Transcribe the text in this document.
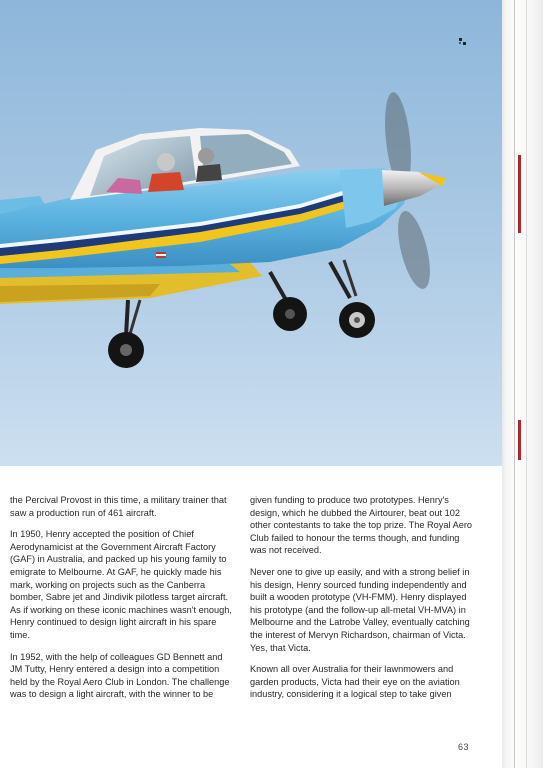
the Percival Provost in this time, a military trainer that saw a production run of 461 aircraft.

In 1950, Henry accepted the position of Chief Aerodynamicist at the Government Aircraft Factory (GAF) in Australia, and packed up his young family to emigrate to Melbourne. At GAF, he quickly made his mark, working on projects such as the Canberra bomber, Sabre jet and Jindivik pilotless target aircraft. As if working on these iconic machines wasn't enough, Henry continued to design light aircraft in his spare time.

In 1952, with the help of colleagues GD Bennett and JM Tutty, Henry entered a design into a competition held by the Royal Aero Club in London. The challenge was to design a light aircraft, with the winner to be

given funding to produce two prototypes. Henry's design, which he dubbed the Airtourer, beat out 102 other contestants to take the top prize. The Royal Aero Club failed to honour the terms though, and funding was not received.

Never one to give up easily, and with a strong belief in his design, Henry sourced funding independently and built a wooden prototype (VH-FMM). Henry displayed his prototype (and the follow-up all-metal VH-MVA) in Melbourne and the Latrobe Valley, eventually catching the interest of Mervyn Richardson, chairman of Victa. Yes, that Victa.

Known all over Australia for their lawnmowers and garden products, Victa had their eye on the aviation industry, considering it a logical step to take given

63
